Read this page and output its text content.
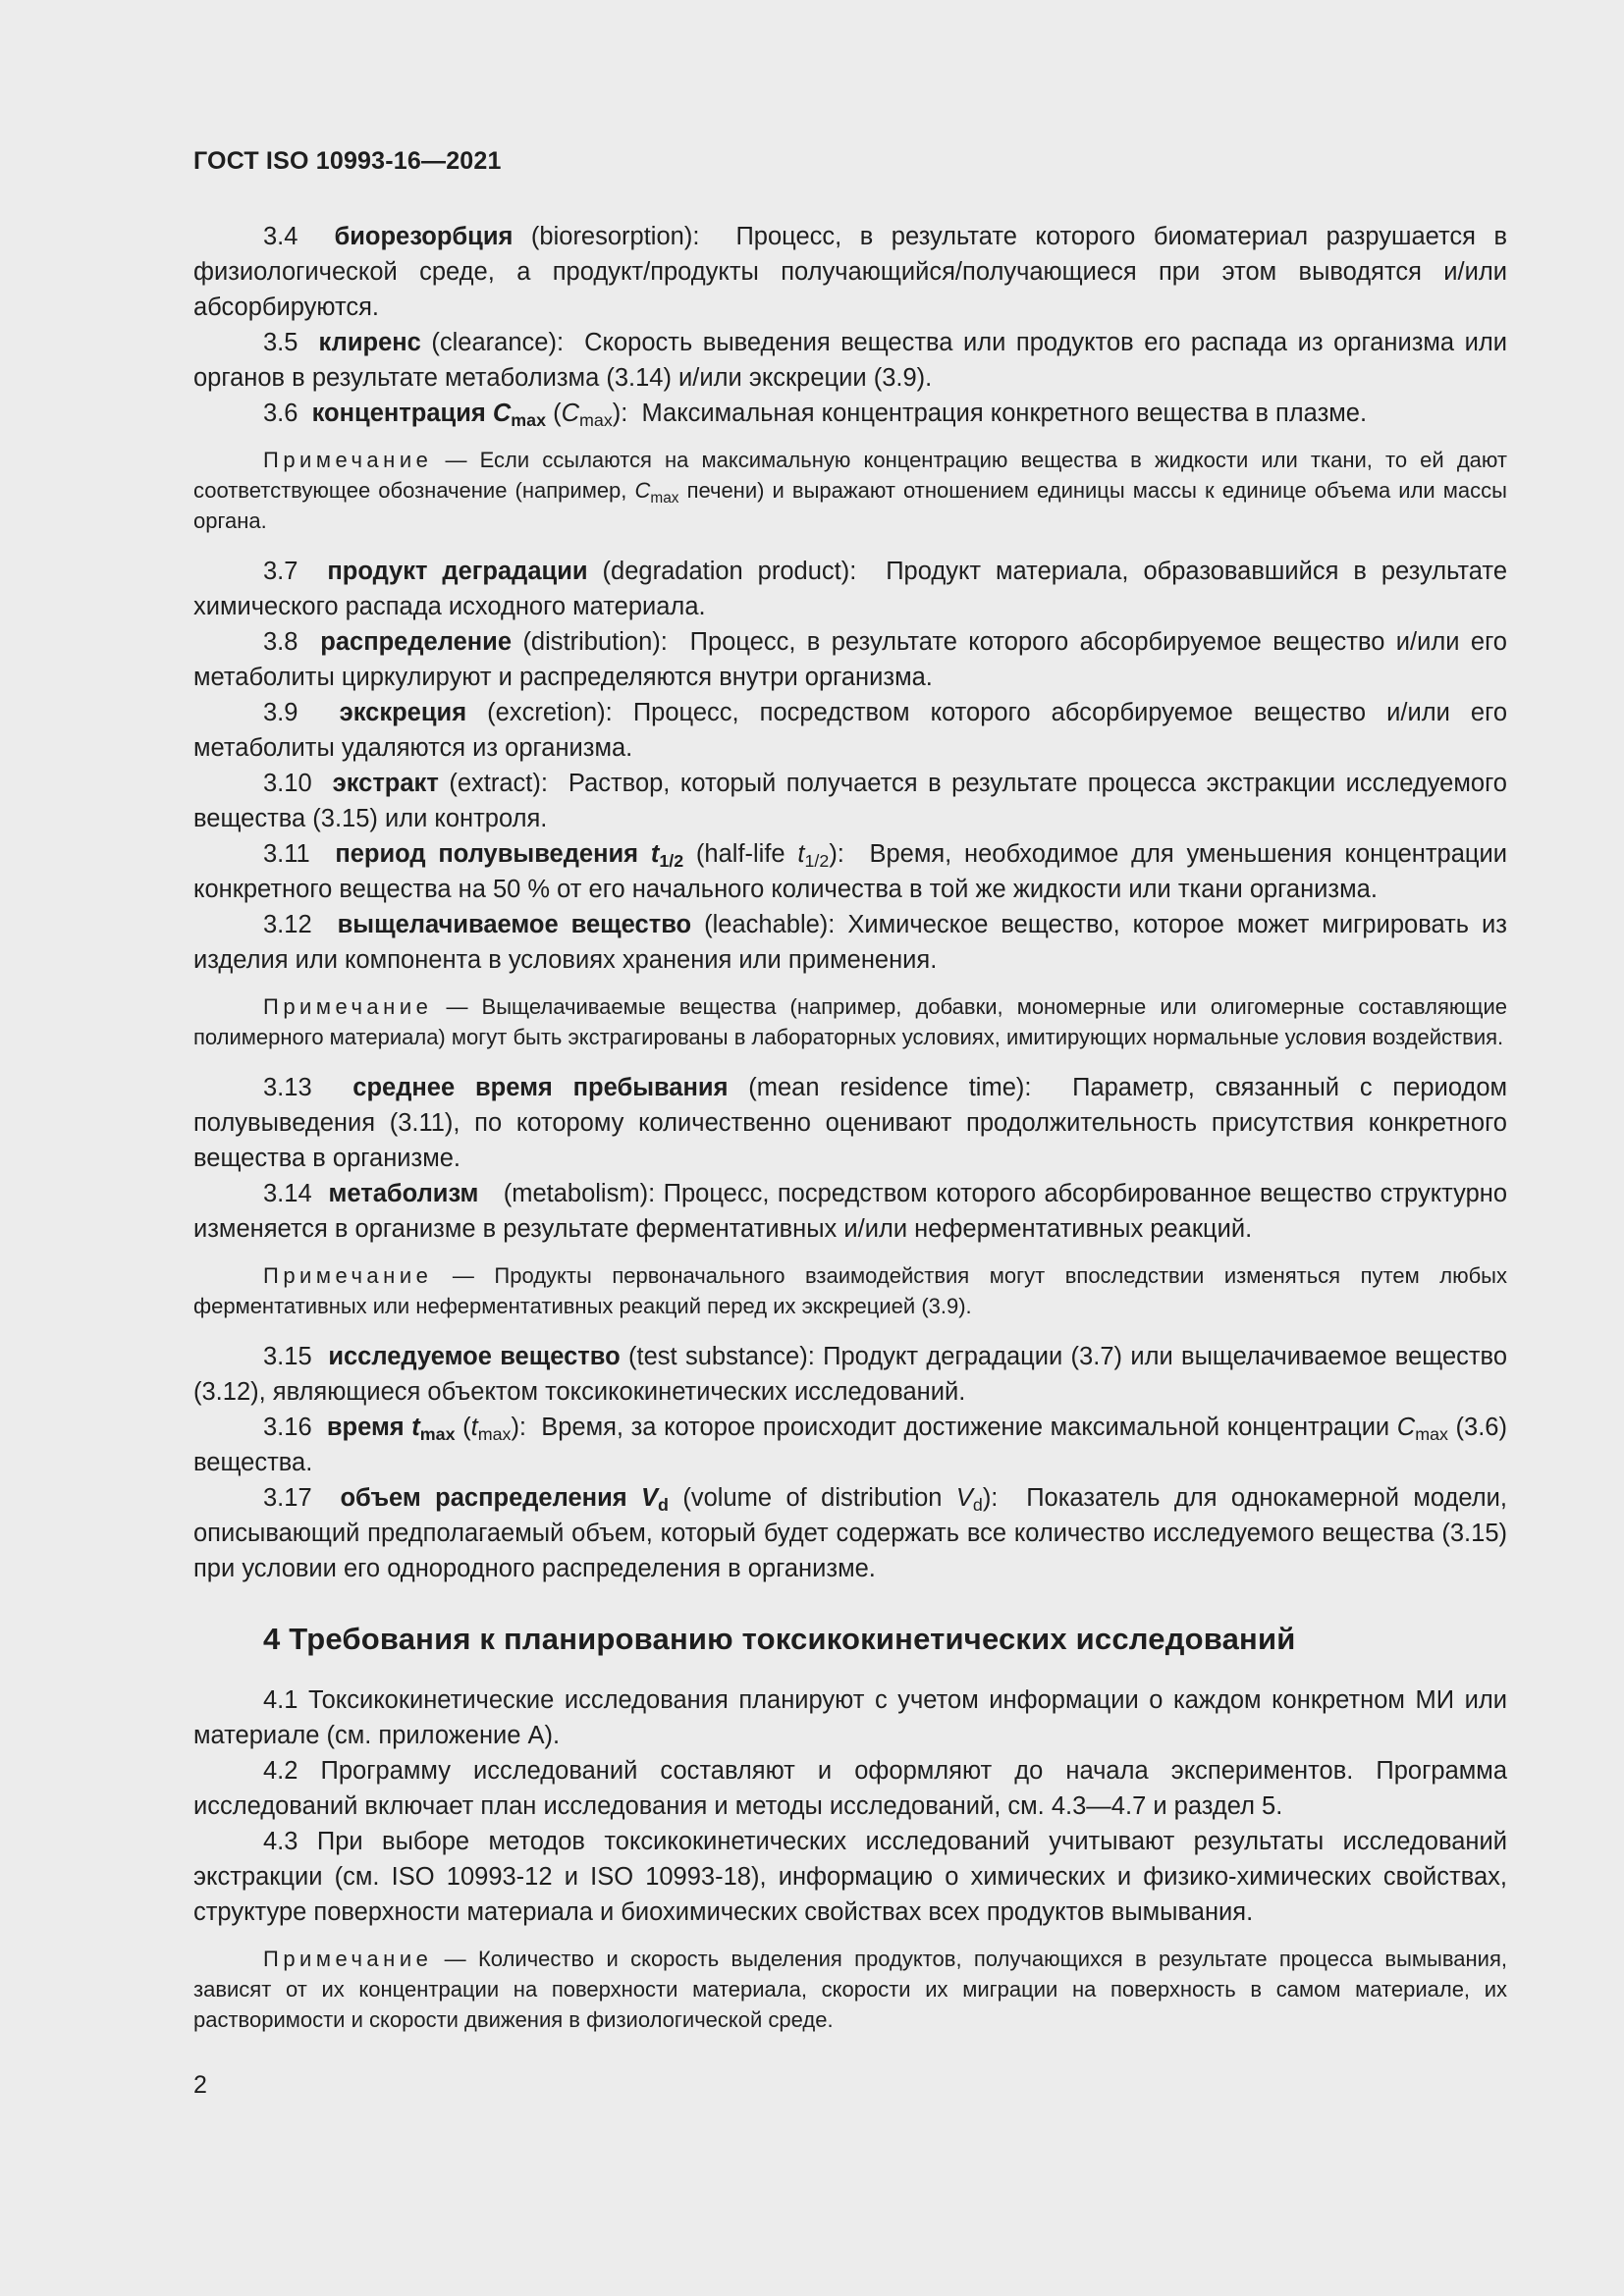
ГОСТ ISO 10993-16—2021

3.4 биорезорбция (bioresorption): Процесс, в результате которого биоматериал разрушается в физиологической среде, а продукт/продукты получающийся/получающиеся при этом выводятся и/или абсорбируются.

3.5 клиренс (clearance): Скорость выведения вещества или продуктов его распада из организма или органов в результате метаболизма (3.14) и/или экскреции (3.9).

3.6 концентрация $C_{max}$ $(C_{max})$: Максимальная концентрация конкретного вещества в плазме.

Примечание — Если ссылаются на максимальную концентрацию вещества в жидкости или ткани, то ей дают соответствующее обозначение (например, $C_{max}$ печени) и выражают отношением единицы массы к единице объема или массы органа.

3.7 продукт деградации (degradation product): Продукт материала, образовавшийся в результате химического распада исходного материала.

3.8 распределение (distribution): Процесс, в результате которого абсорбируемое вещество и/или его метаболиты циркулируют и распределяются внутри организма.

3.9 экскреция (excretion): Процесс, посредством которого абсорбируемое вещество и/или его метаболиты удаляются из организма.

3.10 экстракт (extract): Раствор, который получается в результате процесса экстракции исследуемого вещества (3.15) или контроля.

3.11 период полувыведения $t_{1/2}$ (half-life $t_{1/2}$): Время, необходимое для уменьшения концентрации конкретного вещества на 50 % от его начального количества в той же жидкости или ткани организма.

3.12 выщелачиваемое вещество (leachable): Химическое вещество, которое может мигрировать из изделия или компонента в условиях хранения или применения.

Примечание — Выщелачиваемые вещества (например, добавки, мономерные или олигомерные составляющие полимерного материала) могут быть экстрагированы в лабораторных условиях, имитирующих нормальные условия воздействия.

3.13 среднее время пребывания (mean residence time): Параметр, связанный с периодом полувыведения (3.11), по которому количественно оценивают продолжительность присутствия конкретного вещества в организме.

3.14 метаболизм (metabolism): Процесс, посредством которого абсорбированное вещество структурно изменяется в организме в результате ферментативных и/или неферментативных реакций.

Примечание — Продукты первоначального взаимодействия могут впоследствии изменяться путем любых ферментативных или неферментативных реакций перед их экскрецией (3.9).

3.15 исследуемое вещество (test substance): Продукт деградации (3.7) или выщелачиваемое вещество (3.12), являющиеся объектом токсикокинетических исследований.

3.16 время $t_{max}$ $(t_{max})$: Время, за которое происходит достижение максимальной концентрации $C_{max}$ (3.6) вещества.

3.17 объем распределения $V_d$ (volume of distribution $V_d$): Показатель для однокамерной модели, описывающий предполагаемый объем, который будет содержать все количество исследуемого вещества (3.15) при условии его однородного распределения в организме.

4 Требования к планированию токсикокинетических исследований

4.1 Токсикокинетические исследования планируют с учетом информации о каждом конкретном МИ или материале (см. приложение А).

4.2 Программу исследований составляют и оформляют до начала экспериментов. Программа исследований включает план исследования и методы исследований, см. 4.3—4.7 и раздел 5.

4.3 При выборе методов токсикокинетических исследований учитывают результаты исследований экстракции (см. ISO 10993-12 и ISO 10993-18), информацию о химических и физико-химических свойствах, структуре поверхности материала и биохимических свойствах всех продуктов вымывания.

Примечание — Количество и скорость выделения продуктов, получающихся в результате процесса вымывания, зависят от их концентрации на поверхности материала, скорости их миграции на поверхность в самом материале, их растворимости и скорости движения в физиологической среде.

2
